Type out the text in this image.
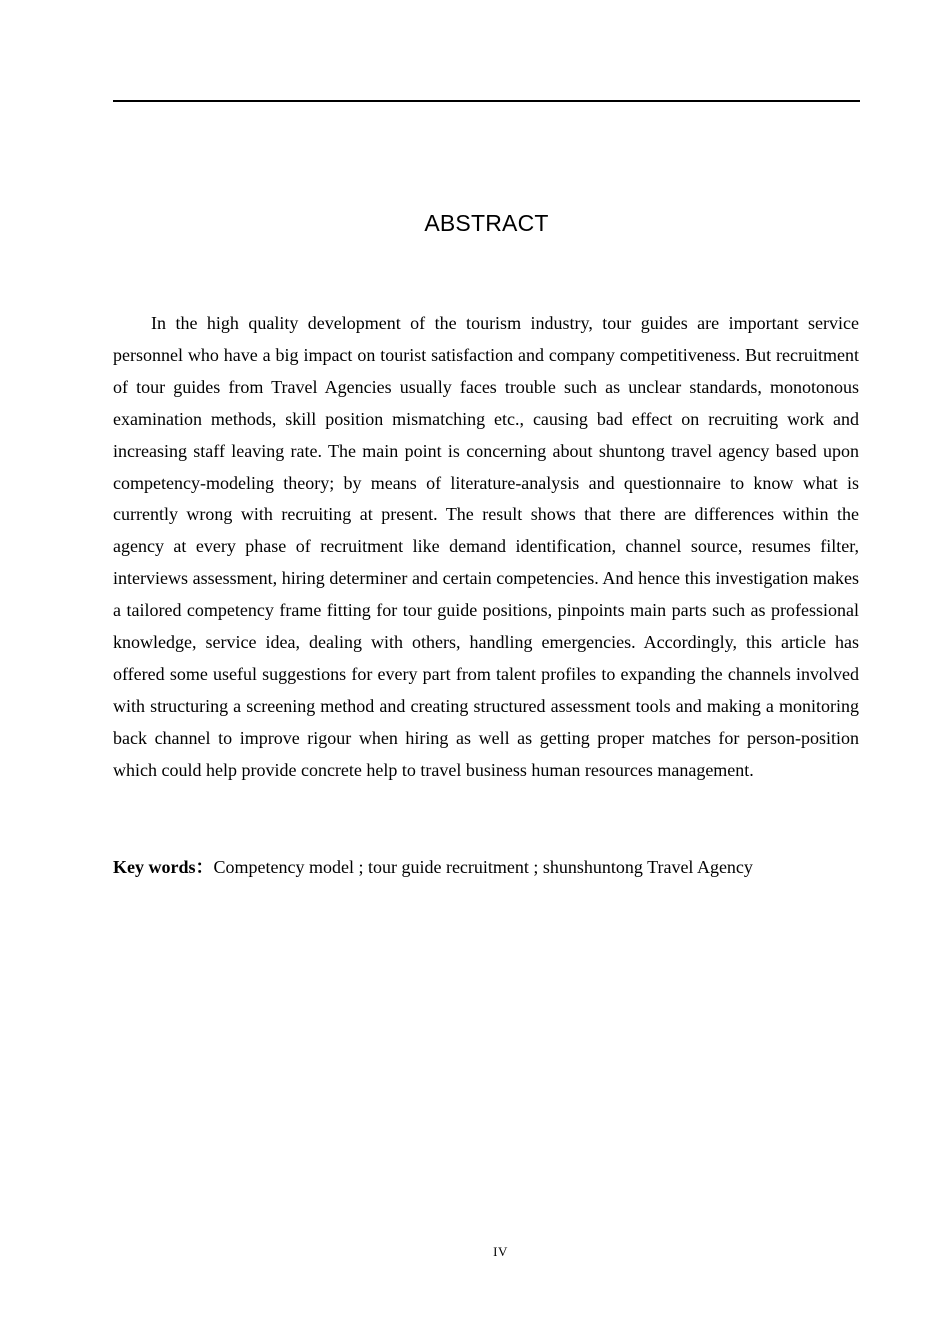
ABSTRACT

In the high quality development of the tourism industry, tour guides are important service personnel who have a big impact on tourist satisfaction and company competitiveness. But recruitment of tour guides from Travel Agencies usually faces trouble such as unclear standards, monotonous examination methods, skill position mismatching etc., causing bad effect on recruiting work and increasing staff leaving rate. The main point is concerning about shuntong travel agency based upon competency-modeling theory; by means of literature-analysis and questionnaire to know what is currently wrong with recruiting at present. The result shows that there are differences within the agency at every phase of recruitment like demand identification, channel source, resumes filter, interviews assessment, hiring determiner and certain competencies. And hence this investigation makes a tailored competency frame fitting for tour guide positions, pinpoints main parts such as professional knowledge, service idea, dealing with others, handling emergencies. Accordingly, this article has offered some useful suggestions for every part from talent profiles to expanding the channels involved with structuring a screening method and creating structured assessment tools and making a monitoring back channel to improve rigour when hiring as well as getting proper matches for person-position which could help provide concrete help to travel business human resources management.

Key words：Competency model ; tour guide recruitment ; shunshuntong Travel Agency

IV
